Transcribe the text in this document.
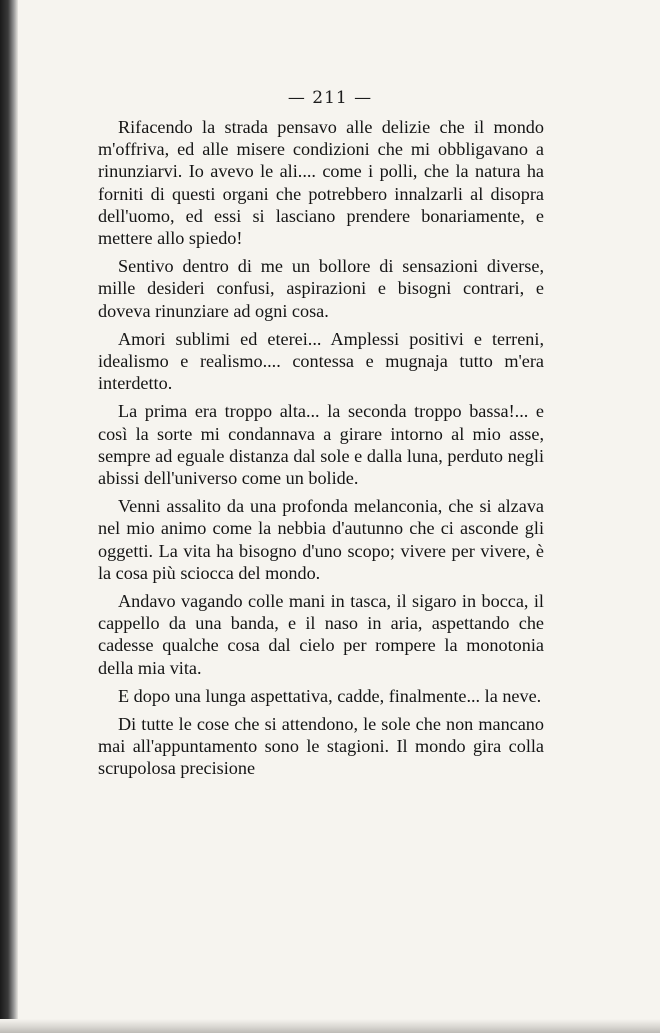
— 211 —

Rifacendo la strada pensavo alle delizie che il mondo m'offriva, ed alle misere condizioni che mi obbligavano a rinunziarvi. Io avevo le ali.... come i polli, che la natura ha forniti di questi organi che potrebbero innalzarli al disopra dell'uomo, ed essi si lasciano prendere bonariamente, e mettere allo spiedo!

Sentivo dentro di me un bollore di sensazioni diverse, mille desideri confusi, aspirazioni e bisogni contrari, e doveva rinunziare ad ogni cosa.

Amori sublimi ed eterei... Amplessi positivi e terreni, idealismo e realismo.... contessa e mugnaja tutto m'era interdetto.

La prima era troppo alta... la seconda troppo bassa!... e così la sorte mi condannava a girare intorno al mio asse, sempre ad eguale distanza dal sole e dalla luna, perduto negli abissi dell'universo come un bolide.

Venni assalito da una profonda melanconia, che si alzava nel mio animo come la nebbia d'autunno che ci asconde gli oggetti. La vita ha bisogno d'uno scopo; vivere per vivere, è la cosa più sciocca del mondo.

Andavo vagando colle mani in tasca, il sigaro in bocca, il cappello da una banda, e il naso in aria, aspettando che cadesse qualche cosa dal cielo per rompere la monotonia della mia vita.

E dopo una lunga aspettativa, cadde, finalmente... la neve.

Di tutte le cose che si attendono, le sole che non mancano mai all'appuntamento sono le stagioni. Il mondo gira colla scrupolosa precisione
